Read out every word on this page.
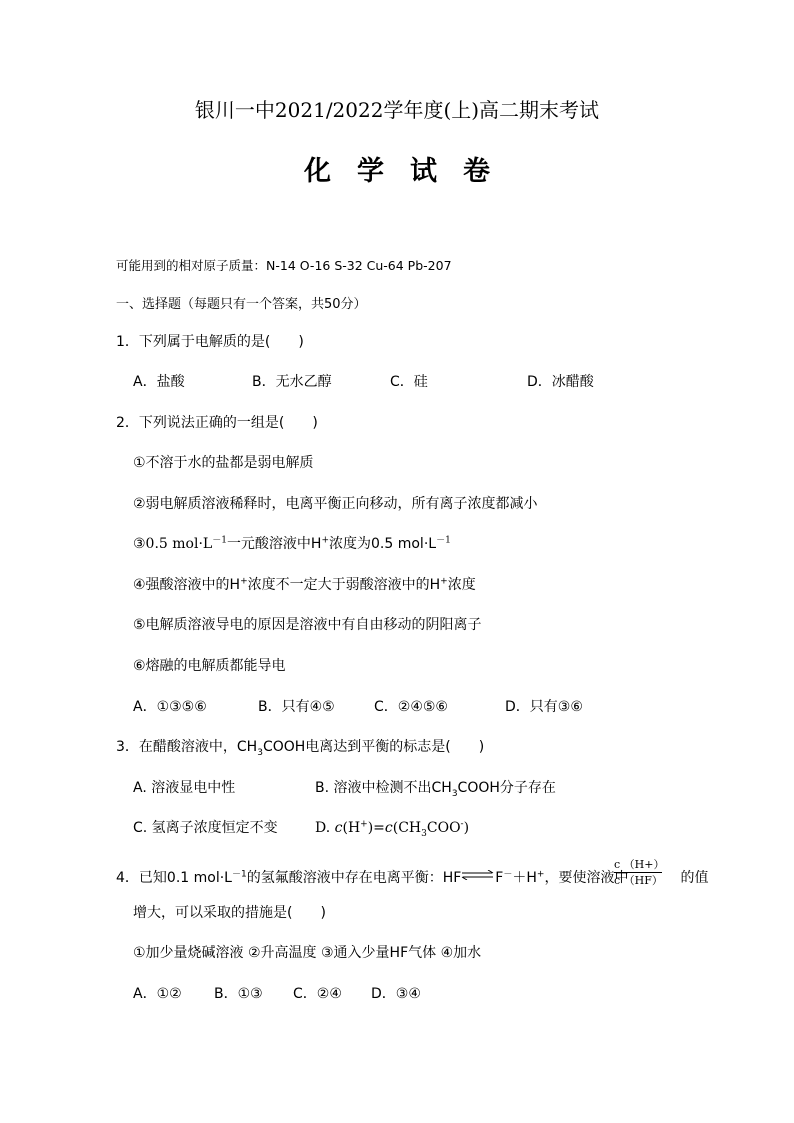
银川一中2021/2022学年度(上)高二期末考试
化学试卷
可能用到的相对原子质量：N-14 O-16 S-32 Cu-64 Pb-207
一、选择题（每题只有一个答案，共50分）
1．下列属于电解质的是(　　)
A．盐酸	B．无水乙醇	C．硅	D．冰醋酸
2．下列说法正确的一组是(　　)
①不溶于水的盐都是弱电解质
②弱电解质溶液稀释时，电离平衡正向移动，所有离子浓度都减小
③0.5 $mol\cdot L^{-1}$一元酸溶液中H+浓度为0.5 $mol\cdot L^{-1}$
④强酸溶液中的H+浓度不一定大于弱酸溶液中的H+浓度
⑤电解质溶液导电的原因是溶液中有自由移动的阴阳离子
⑥熔融的电解质都能导电
A．①③⑤⑥	B．只有④⑤	C．②④⑤⑥	D．只有③⑥
3．在醋酸溶液中，$CH_3COOH$电离达到平衡的标志是(　　)
A. 溶液显电中性	B. 溶液中检测不出$CH_3COOH$分子存在
C. 氢离子浓度恒定不变	D. $c(H^+)=c(CH_3COO^-)$
4．已知0.1 $mol\cdot L^{-1}$的氢氟酸溶液中存在电离平衡：HF⇌F－＋H+，要使溶液中	的值
$\frac{c (H+)}{c (HF)}$
增大，可以采取的措施是(　　)
①加少量烧碱溶液 ②升高温度 ③通入少量HF气体 ④加水
A．①② B．①③ C．②④ D．③④
